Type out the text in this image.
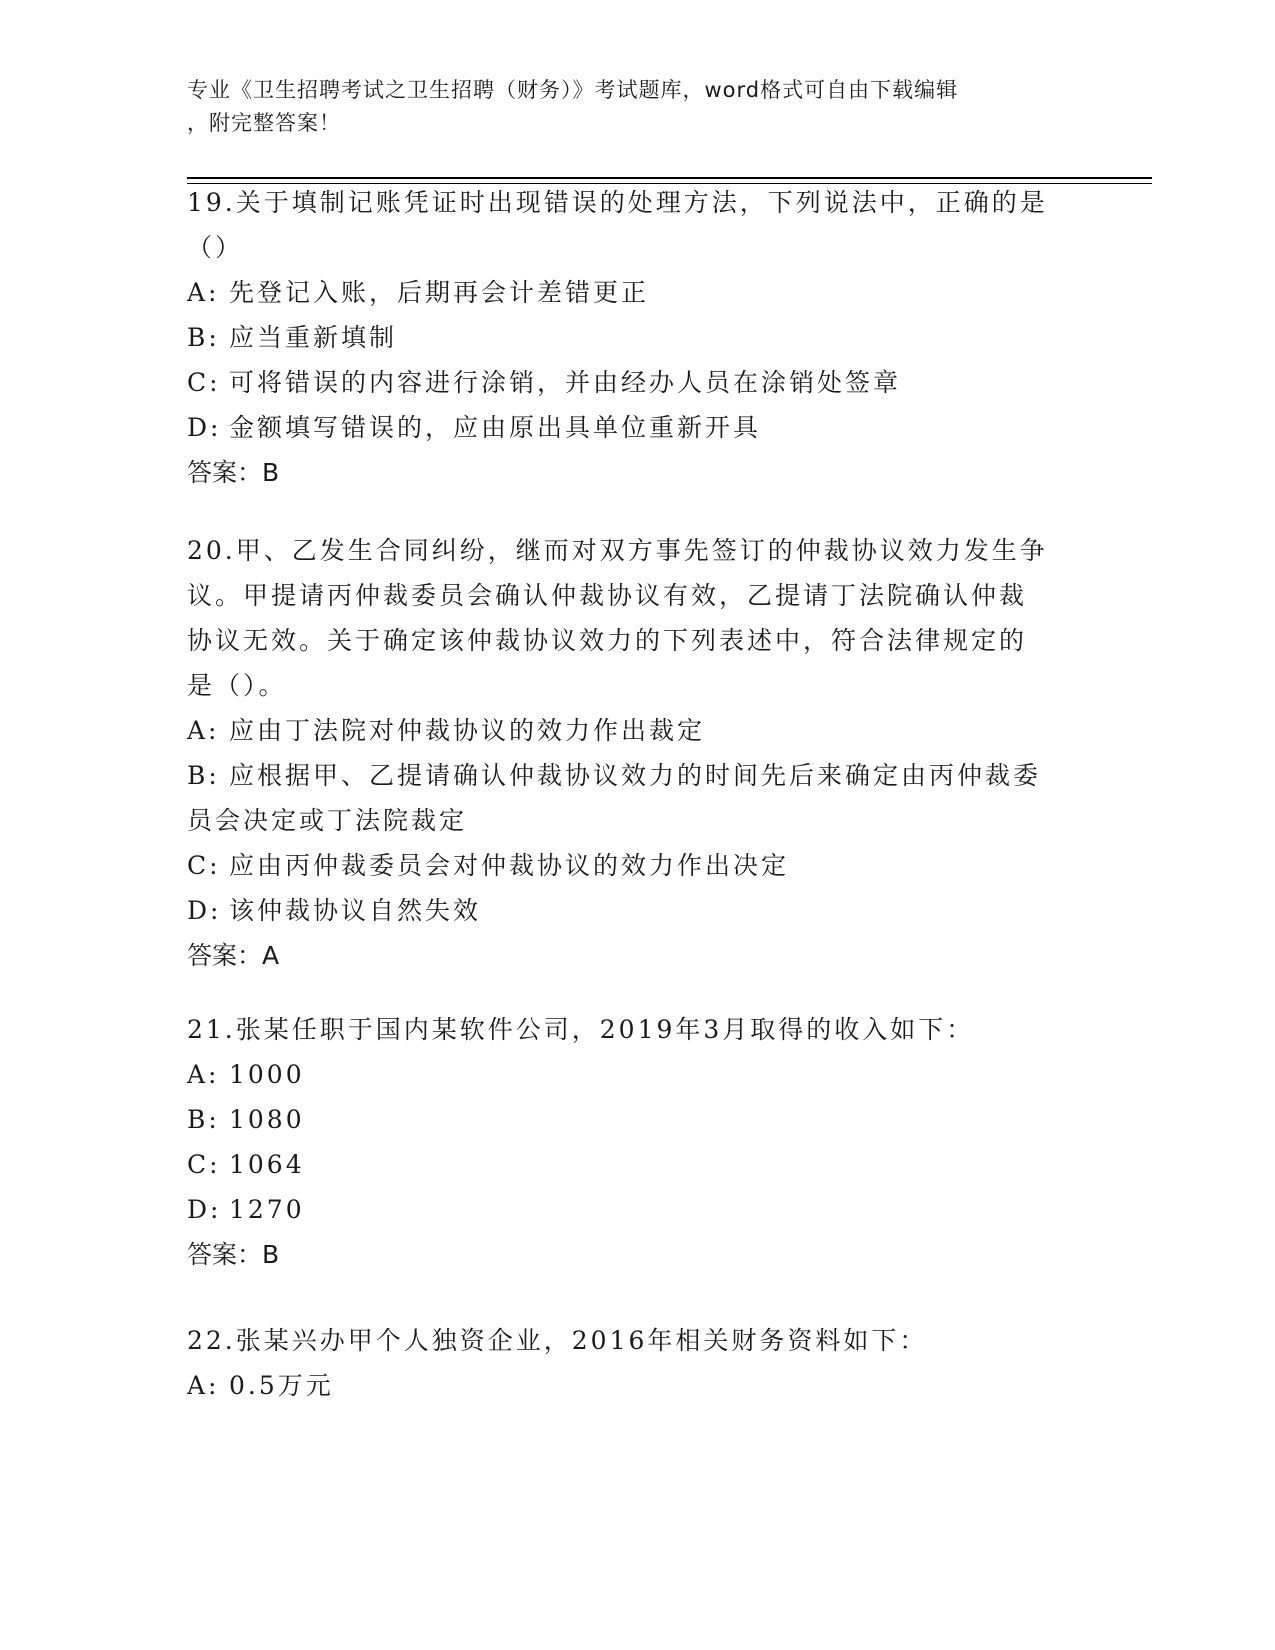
专业《卫生招聘考试之卫生招聘（财务）》考试题库，word格式可自由下载编辑
，附完整答案！

19.关于填制记账凭证时出现错误的处理方法，下列说法中，正确的是

（）

A: 先登记入账，后期再会计差错更正

B: 应当重新填制

C: 可将错误的内容进行涂销，并由经办人员在涂销处签章

D: 金额填写错误的，应由原出具单位重新开具

答案：B

20.甲、乙发生合同纠纷，继而对双方事先签订的仲裁协议效力发生争

议。甲提请丙仲裁委员会确认仲裁协议有效，乙提请丁法院确认仲裁

协议无效。关于确定该仲裁协议效力的下列表述中，符合法律规定的

是（）。

A: 应由丁法院对仲裁协议的效力作出裁定

B: 应根据甲、乙提请确认仲裁协议效力的时间先后来确定由丙仲裁委

员会决定或丁法院裁定

C: 应由丙仲裁委员会对仲裁协议的效力作出决定

D: 该仲裁协议自然失效

答案：A

21.张某任职于国内某软件公司，2019年3月取得的收入如下：

A: 1000

B: 1080

C: 1064

D: 1270

答案：B

22.张某兴办甲个人独资企业，2016年相关财务资料如下：

A: 0.5万元
